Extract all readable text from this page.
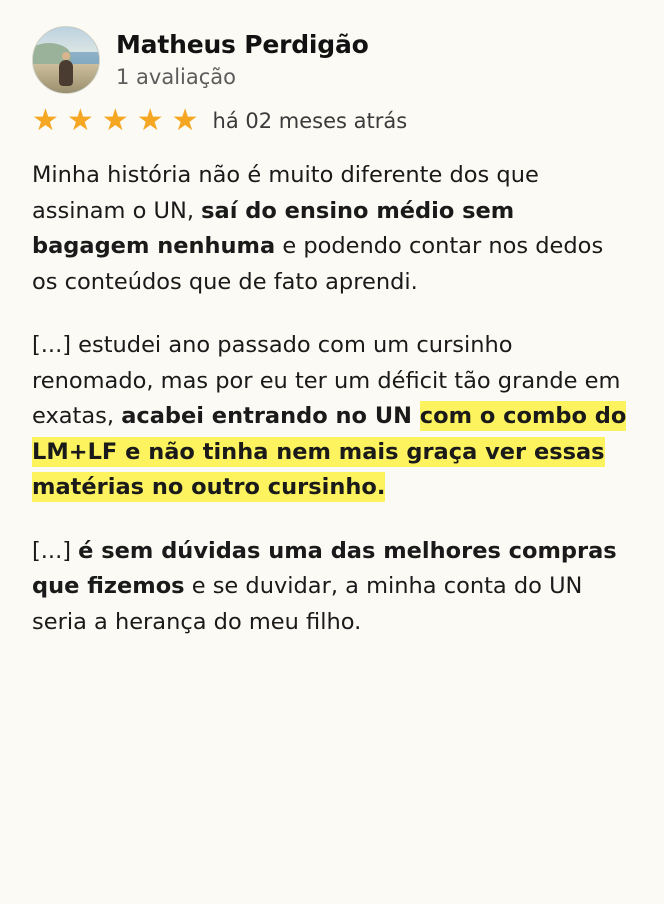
Matheus Perdigão
1 avaliação
★ ★ ★ ★ ★ há 02 meses atrás

Minha história não é muito diferente dos que assinam o UN, saí do ensino médio sem bagagem nenhuma e podendo contar nos dedos os conteúdos que de fato aprendi.

[...] estudei ano passado com um cursinho renomado, mas por eu ter um déficit tão grande em exatas, acabei entrando no UN com o combo do LM+LF e não tinha nem mais graça ver essas matérias no outro cursinho.

[...] é sem dúvidas uma das melhores compras que fizemos e se duvidar, a minha conta do UN seria a herança do meu filho.
